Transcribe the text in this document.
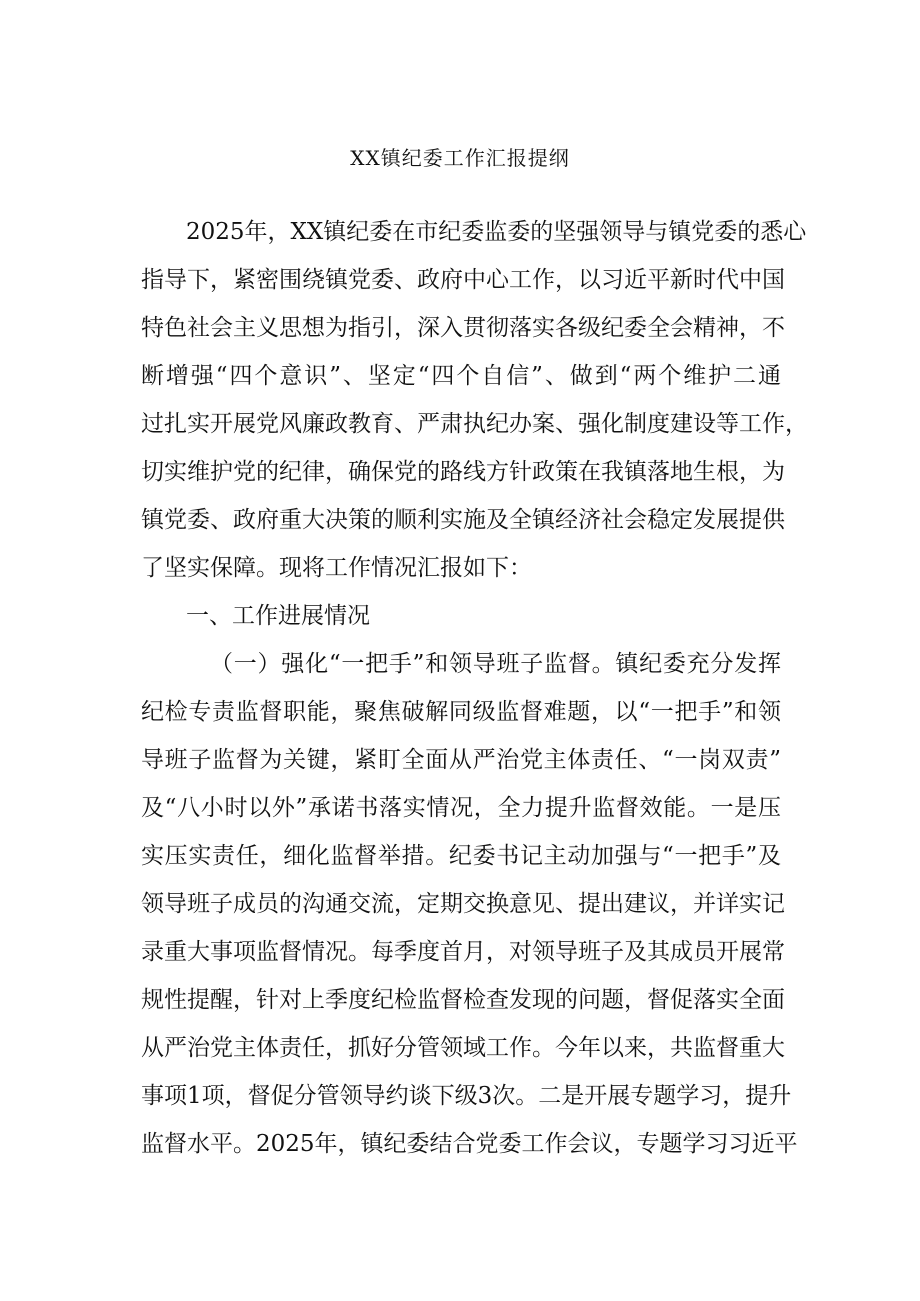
XX镇纪委工作汇报提纲
2025年，XX镇纪委在市纪委监委的坚强领导与镇党委的悉心
指导下，紧密围绕镇党委、政府中心工作，以习近平新时代中国
特色社会主义思想为指引，深入贯彻落实各级纪委全会精神，不
断增强“四个意识”、坚定“四个自信”、做到“两个维护二通
过扎实开展党风廉政教育、严肃执纪办案、强化制度建设等工作，
切实维护党的纪律，确保党的路线方针政策在我镇落地生根，为
镇党委、政府重大决策的顺利实施及全镇经济社会稳定发展提供
了坚实保障。现将工作情况汇报如下：
一、工作进展情况
（一）强化“一把手”和领导班子监督。镇纪委充分发挥
纪检专责监督职能，聚焦破解同级监督难题，以“一把手”和领
导班子监督为关键，紧盯全面从严治党主体责任、“一岗双责”
及“八小时以外”承诺书落实情况，全力提升监督效能。一是压
实压实责任，细化监督举措。纪委书记主动加强与“一把手”及
领导班子成员的沟通交流，定期交换意见、提出建议，并详实记
录重大事项监督情况。每季度首月，对领导班子及其成员开展常
规性提醒，针对上季度纪检监督检查发现的问题，督促落实全面
从严治党主体责任，抓好分管领域工作。今年以来，共监督重大
事项1项，督促分管领导约谈下级3次。二是开展专题学习，提升
监督水平。2025年，镇纪委结合党委工作会议，专题学习习近平
